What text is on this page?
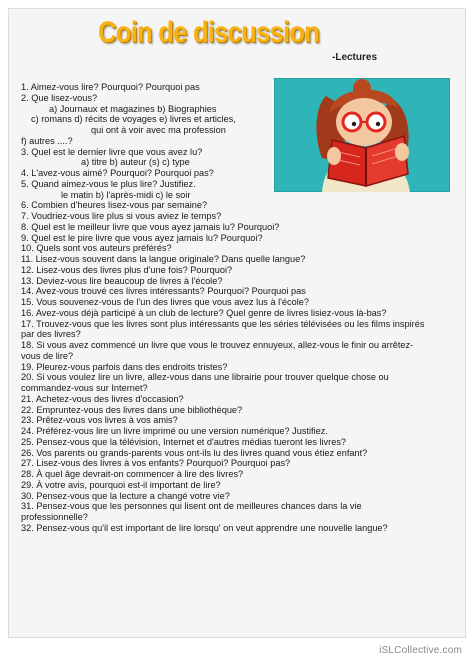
Coin de discussion
-Lectures
1. Aimez-vous lire? Pourquoi? Pourquoi pas
2. Que lisez-vous?
a) Journaux et magazines b) Biographies
c) romans d) récits de voyages e) livres et articles,
qui ont à voir avec ma profession
f) autres ....?
3. Quel est le dernier livre que vous avez lu?
a) titre b) auteur (s) c) type
4. L'avez-vous aimé? Pourquoi? Pourquoi pas?
5. Quand aimez-vous le plus lire? Justifiez.
le matin b) l'après-midi c) le soir
6. Combien d'heures lisez-vous par semaine?
7. Voudriez-vous lire plus si vous aviez le temps?
8. Quel est le meilleur livre que vous ayez jamais lu? Pourquoi?
9. Quel est le pire livre que vous ayez jamais lu? Pourquoi?
10. Quels sont vos auteurs préférés?
11. Lisez-vous souvent dans la langue originale? Dans quelle langue?
12. Lisez-vous des livres plus d'une fois? Pourquoi?
13. Deviez-vous lire beaucoup de livres à l'école?
14. Avez-vous trouvé ces livres intéressants? Pourquoi? Pourquoi pas
15. Vous souvenez-vous de l'un des livres que vous avez lus à l'école?
16. Avez-vous déjà participé à un club de lecture? Quel genre de livres lisiez-vous là-bas?
17. Trouvez-vous que les livres sont plus intéressants que les séries télévisées ou les films inspirés
par des livres?
18. Si vous avez commencé un livre que vous le trouvez ennuyeux, allez-vous le finir ou arrêtez-
vous de lire?
19. Pleurez-vous parfois dans des endroits tristes?
20. Si vous voulez lire un livre, allez-vous dans une librairie pour trouver quelque chose ou
commandez-vous sur Internet?
21. Achetez-vous des livres d'occasion?
22. Empruntez-vous des livres dans une bibliothèque?
23. Prêtez-vous vos livres à vos amis?
24. Préférez-vous lire un livre imprimé ou une version numérique? Justifiez.
25. Pensez-vous que la télévision, Internet et d'autres médias tueront les livres?
26. Vos parents ou grands-parents vous ont-ils lu des livres quand vous étiez enfant?
27. Lisez-vous des livres à vos enfants? Pourquoi? Pourquoi pas?
28. À quel âge devrait-on commencer à lire des livres?
29. À votre avis, pourquoi est-il important de lire?
30. Pensez-vous que la lecture a changé votre vie?
31. Pensez-vous que les personnes qui lisent ont de meilleures chances dans la vie
professionnelle?
32. Pensez-vous qu'il est important de lire lorsqu' on veut apprendre une nouvelle langue?
iSLCollective.com
